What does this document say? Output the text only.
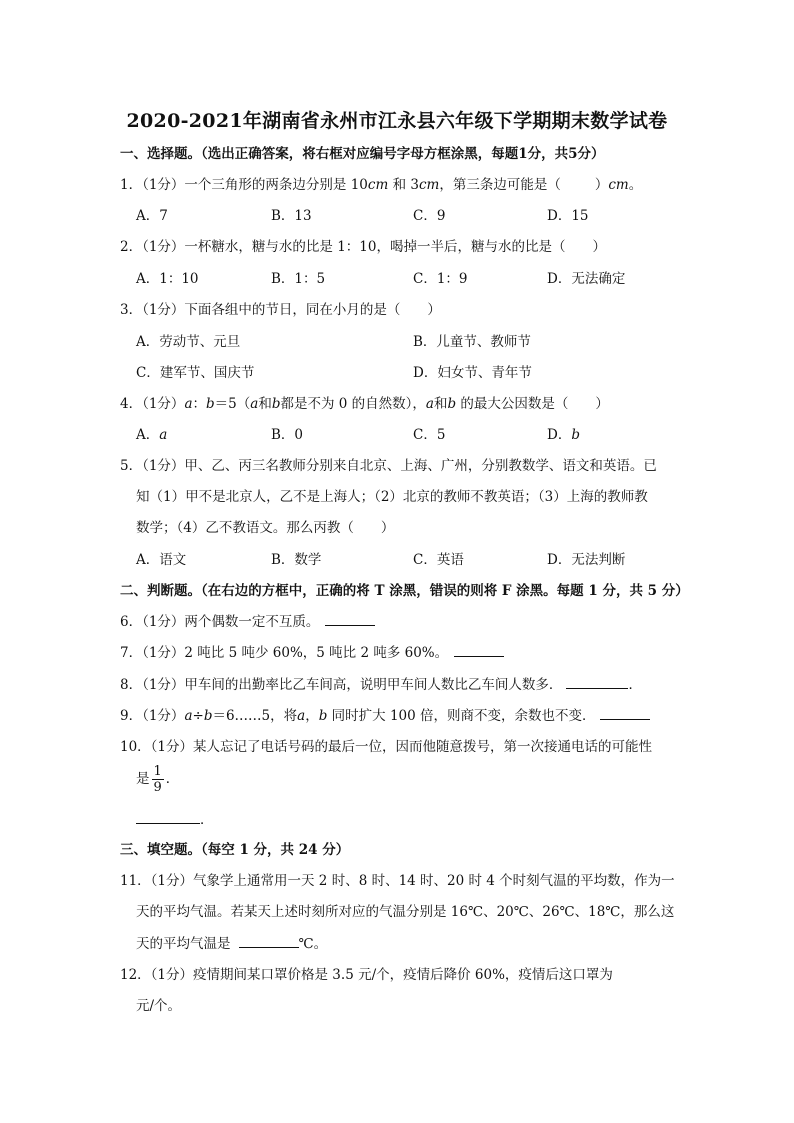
2020-2021年湖南省永州市江永县六年级下学期期末数学试卷
一、选择题。（选出正确答案，将右框对应编号字母方框涂黑，每题1分，共5分）
1．（1分）一个三角形的两条边分别是 10cm 和 3cm，第三条边可能是（	）cm。
A．7	B．13	C．9	D．15
2．（1分）一杯糖水，糖与水的比是 1：10，喝掉一半后，糖与水的比是（　　）
A．1：10	B．1：5	C．1：9	D．无法确定
3．（1分）下面各组中的节日，同在小月的是（　　）
A．劳动节、元旦	B．儿童节、教师节
C．建军节、国庆节	D．妇女节、青年节
4．（1分）a：b＝5（a和b都是不为 0 的自然数），a和b 的最大公因数是（　　）
A．a	B．0	C．5	D．b
5．（1分）甲、乙、丙三名教师分别来自北京、上海、广州，分别教数学、语文和英语。已
知（1）甲不是北京人，乙不是上海人；（2）北京的教师不教英语；（3）上海的教师教
数学；（4）乙不教语文。那么丙教（　　）
A．语文	B．数学	C．英语	D．无法判断
二、判断题。（在右边的方框中，正确的将 T 涂黑，错误的则将 F 涂黑。每题 1 分，共 5 分）
6．（1分）两个偶数一定不互质。
7．（1分）2 吨比 5 吨少 60%，5 吨比 2 吨多 60%。
8．（1分）甲车间的出勤率比乙车间高，说明甲车间人数比乙车间人数多．	．
9．（1分）a÷b＝6……5，将a，b 同时扩大 100 倍，则商不变，余数也不变．
10．（1分）某人忘记了电话号码的最后一位，因而他随意拨号，第一次接通电话的可能性
是 $\frac{1}{9}$ ．
．
三、填空题。（每空 1 分，共 24 分）
11．（1分）气象学上通常用一天 2 时、8 时、14 时、20 时 4 个时刻气温的平均数，作为一
天的平均气温。若某天上述时刻所对应的气温分别是 16℃、20℃、26℃、18℃，那么这
天的平均气温是	℃。
12．（1分）疫情期间某口罩价格是 3.5 元/个，疫情后降价 60%，疫情后这口罩为
元/个。
